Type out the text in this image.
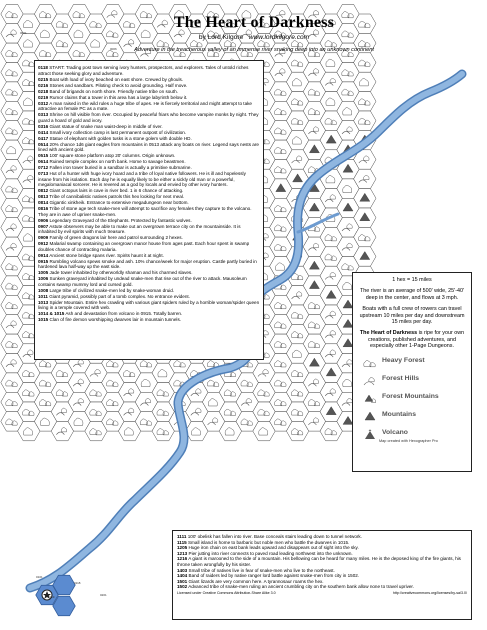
0001
0006
0101
0118
0119	0201
The Heart of Darkness
by Lord Kilgore www.lordkilgore.com
Adventure in the treacherous valley of an immense river snaking deep into an unknown continent

0118 START: Trading post town serving ivory hunters, prospectors, and explorers. Tales of untold riches attract those seeking glory and adventure.

0215 Boat with load of ivory beached on east shore. Crewed by ghouls.

0216 Stones and sandbars. Piloting check to avoid grounding. Half move.

0218 Band of brigands on north shore. Friendly native tribe on south.

0219 Rumor claims that a tower in this area has a large labyrinth below it.

0312 A man raised in the wild rules a huge tribe of apes. He is fiercely territorial and might attempt to take attractive an female PC as a mate.

0313 Shrine on hill visible from river. Occupied by peaceful friars who become vampire monks by night. They guard a hoard of gold and ivory.

0316 Giant statue of snake man waist-deep in middle of river.

0414 Small ivory collection camp is last permanent outpost of civilization.

0417 Statue of elephant with golden tusks is a stone golem with double HD.

0514 20% chance 1d6 giant eagles from mountains in 0513 attack any boats on river. Legend says nests are lined with ancient gold.

0515 100' square stone platform atop 20' columns. Origin unknown.

0614 Ruined temple complex on north bank. Home to savage beastmen.

0712 Fallen iron tower buried in a sandbar is actually a primitive submarine.

0713 Hut of a hunter with huge ivory hoard and a tribe of loyal native followers. He is ill and hopelessly insane from his isolation. Each day he is equally likely to be either a sickly old man or a powerful, megalomaniacal sorcerer. He is revered as a god by locals and envied by other ivory hunters.

0812 Giant octopus lairs in cave in river bed. 1 in 6 chance of attacking.

0813 Tribe of cannibalistic natives patrols this hex looking for next meal.

0814 Gigantic xinkheik. Entrance to extensive megadungeon near bottom.

0816 Tribe of stone age tech snake-men will attempt to sacrifice any females they capture to the volcano. They are in awe of upriver snake-men.

0906 Legendary Graveyard of the Elephants. Protected by fantastic wolves.

0907 Astute observers may be able to make out an overgrown terrace city on the mountainside. It is inhabited by evil spirits with much treasure.

0909 Family of green dragons lair here and patrol surrounding 2 hexes.

0912 Malarial swamp containing an overgrown manor house from ages past. Each hour spent in swamp doubles chance of contracting malaria.

0914 Ancient stone bridge spans river. Spirits haunt it at night.

0915 Rumbling volcano spews smoke and ash. 10% chance/week for major eruption. Castle partly buried in hardened lava half-way up the east side.

1005 Jade tower inhabited by otherworldly shaman and his charmed slaves.

1006 Sunken graveyard inhabited by undead snake-men that rise out of the river to attack. Mausoleum contains swamp mummy lord and cursed gold.

1008 Large tribe of civilized snake-men led by snake-woman druid.

1011 Giant pyramid, possibly part of a tomb complex. No entrance evident.

1013 Spider Mountain. Entire hex crawling with various giant spiders ruled by a horrible woman/spider queen living in a temple covered with web.

1014 & 1015 Ash and devastation from volcano in 0915. Totally barren.

1015 Clan of fire demon worshipping dwarves lair in mountain tunnels.

1 hex = 15 miles

The river is an average of 500' wide, 25'-40' deep in the center, and flows at 3 mph.

Boats with a full crew of rowers can travel upstream 10 miles per day and downstream 15 miles per day.

The Heart of Darkness is ripe for your own creations, published adventures, and especially other 1-Page Dungeons.

Heavy Forest
Forest Hills
Forest Mountains
Mountains
Volcano
Map created with Hexographer Pro

1111 100' obelisk has fallen into river. Base conceals stairs leading down to tunnel network.

1115 Small island is home to barbaric but noble men who battle the dwarves in 1015.

1205 Huge iron chain on east bank leads upward and disappears out of sight into the sky.

1213 Pier jutting into river connects to paved road leading northwest into the unknown.

1216 A giant is marooned to the side of a mountain. His bellowing can be heard for many miles. He is the deposed king of the fire giants, his throne taken wrongfully by his sister.

1403 Small tribe of natives live in fear of snake-men who live to the northeast.

1404 Band of raiders led by native ranger lord battle against snake-men from city in 1502.

1501 Giant lizards are very common here. A tyrannosaur roams the hex.

1502 Advanced tribe of snake-men ruling an ancient crumbling city on the southern bank allow none to travel upriver.

Licensed under Creative Commons Attribution-Share Alike 3.0	http://creativecommons.org/licenses/by-sa/3.0/
